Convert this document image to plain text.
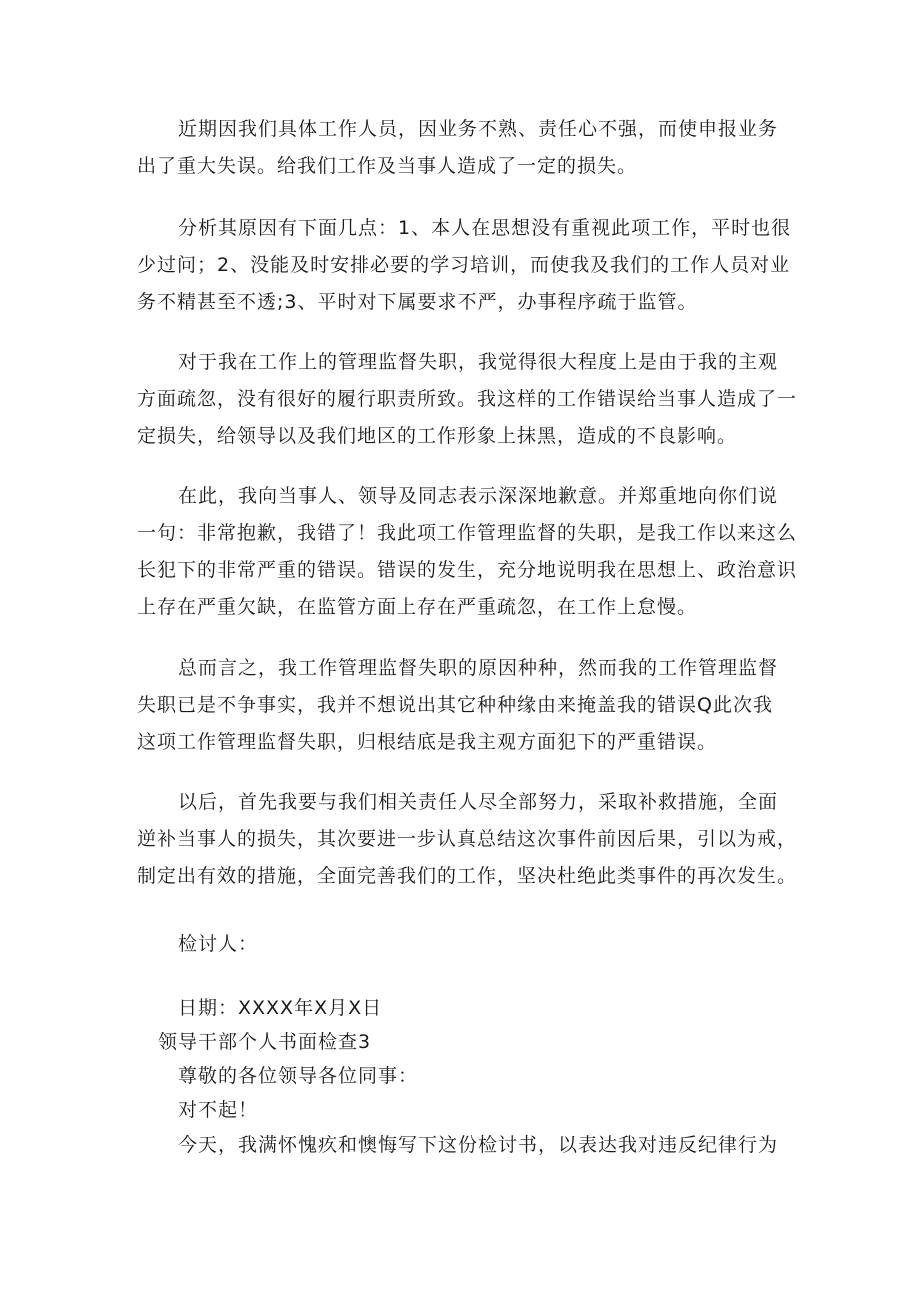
近期因我们具体工作人员，因业务不熟、责任心不强，而使申报业务
出了重大失误。给我们工作及当事人造成了一定的损失。
分析其原因有下面几点：1、本人在思想没有重视此项工作，平时也很
少过问；2、没能及时安排必要的学习培训，而使我及我们的工作人员对业
务不精甚至不透;3、平时对下属要求不严，办事程序疏于监管。
对于我在工作上的管理监督失职，我觉得很大程度上是由于我的主观
方面疏忽，没有很好的履行职责所致。我这样的工作错误给当事人造成了一
定损失，给领导以及我们地区的工作形象上抹黑，造成的不良影响。
在此，我向当事人、领导及同志表示深深地歉意。并郑重地向你们说
一句：非常抱歉，我错了！我此项工作管理监督的失职，是我工作以来这么
长犯下的非常严重的错误。错误的发生，充分地说明我在思想上、政治意识
上存在严重欠缺，在监管方面上存在严重疏忽，在工作上怠慢。
总而言之，我工作管理监督失职的原因种种，然而我的工作管理监督
失职已是不争事实，我并不想说出其它种种缘由来掩盖我的错误Q此次我
这项工作管理监督失职，归根结底是我主观方面犯下的严重错误。
以后，首先我要与我们相关责任人尽全部努力，采取补救措施，全面
逆补当事人的损失，其次要进一步认真总结这次事件前因后果，引以为戒，
制定出有效的措施，全面完善我们的工作，坚决杜绝此类事件的再次发生。
检讨人：
日期：XXXX年X月X日
领导干部个人书面检查3
尊敬的各位领导各位同事：
对不起！
今天，我满怀愧疚和懊悔写下这份检讨书，以表达我对违反纪律行为
